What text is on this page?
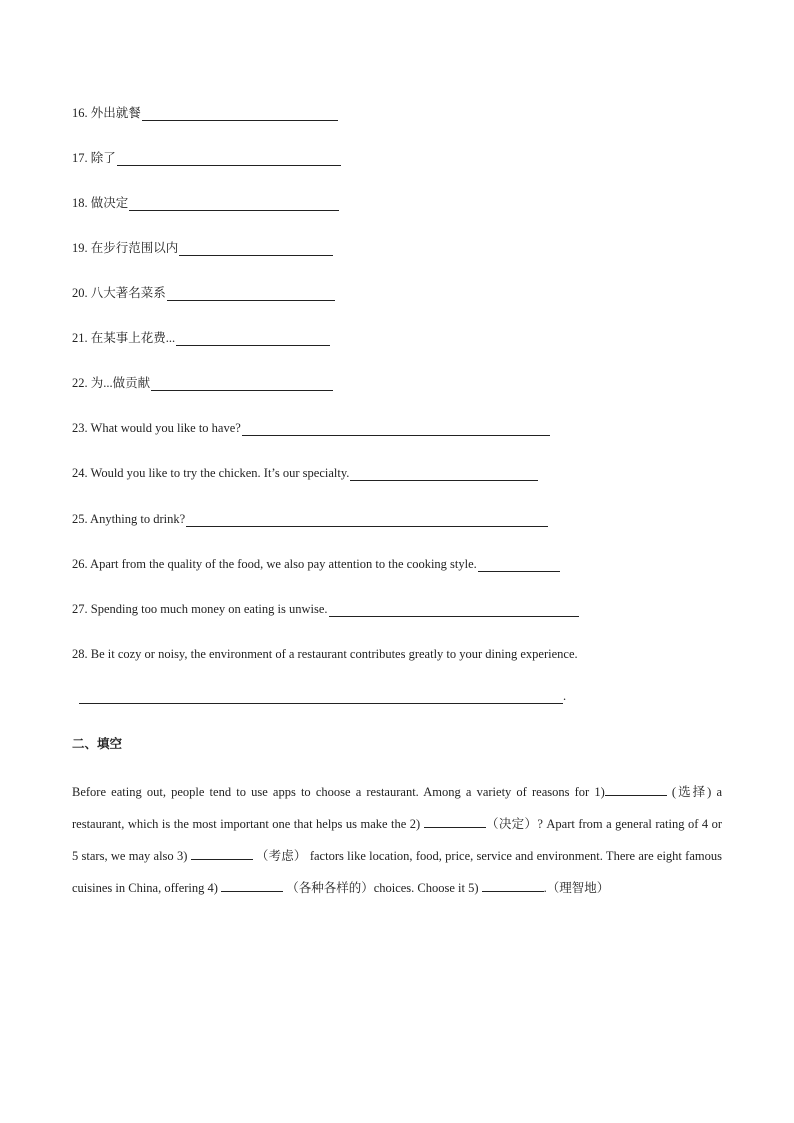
16. 外出就餐
17. 除了
18. 做决定
19. 在步行范围以内
20. 八大著名菜系
21. 在某事上花费...
22. 为...做贡献
23. What would you like to have?
24. Would you like to try the chicken. It’s our specialty.
25. Anything to drink?
26. Apart from the quality of the food, we also pay attention to the cooking style.
27. Spending too much money on eating is unwise.
28. Be it cozy or noisy, the environment of a restaurant contributes greatly to your dining experience.
.
二、填空
Before eating out, people tend to use apps to choose a restaurant. Among a variety of reasons for 1)	(选择) a restaurant, which is the most important one that helps us make the 2)	（决定）? Apart from a general rating of 4 or 5 stars, we may also 3)	（考虑） factors like location, food, price, service and environment. There are eight famous cuisines in China, offering 4)	（各种各样的）choices. Choose it 5)	.（理智地）
